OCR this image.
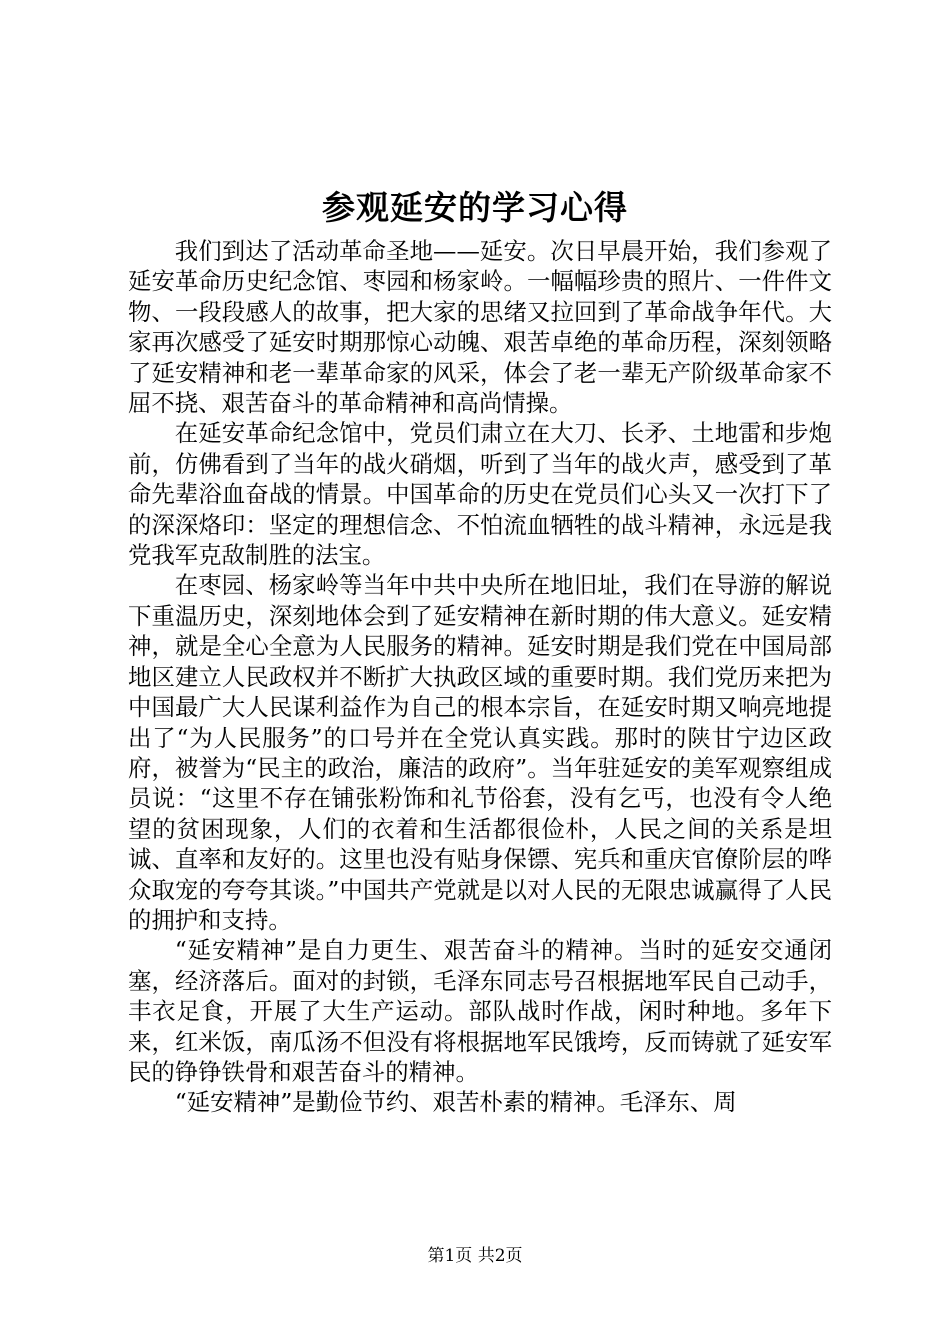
参观延安的学习心得

我们到达了活动革命圣地——延安。次日早晨开始，我们参观了延安革命历史纪念馆、枣园和杨家岭。一幅幅珍贵的照片、一件件文物、一段段感人的故事，把大家的思绪又拉回到了革命战争年代。大家再次感受了延安时期那惊心动魄、艰苦卓绝的革命历程，深刻领略了延安精神和老一辈革命家的风采，体会了老一辈无产阶级革命家不屈不挠、艰苦奋斗的革命精神和高尚情操。

在延安革命纪念馆中，党员们肃立在大刀、长矛、土地雷和步炮前，仿佛看到了当年的战火硝烟，听到了当年的战火声，感受到了革命先辈浴血奋战的情景。中国革命的历史在党员们心头又一次打下了的深深烙印：坚定的理想信念、不怕流血牺牲的战斗精神，永远是我党我军克敌制胜的法宝。

在枣园、杨家岭等当年中共中央所在地旧址，我们在导游的解说下重温历史，深刻地体会到了延安精神在新时期的伟大意义。延安精神，就是全心全意为人民服务的精神。延安时期是我们党在中国局部地区建立人民政权并不断扩大执政区域的重要时期。我们党历来把为中国最广大人民谋利益作为自己的根本宗旨，在延安时期又响亮地提出了“为人民服务”的口号并在全党认真实践。那时的陕甘宁边区政府，被誉为“民主的政治，廉洁的政府”。当年驻延安的美军观察组成员说：“这里不存在铺张粉饰和礼节俗套，没有乞丐，也没有令人绝望的贫困现象，人们的衣着和生活都很俭朴，人民之间的关系是坦诚、直率和友好的。这里也没有贴身保镖、宪兵和重庆官僚阶层的哗众取宠的夸夸其谈。”中国共产党就是以对人民的无限忠诚赢得了人民的拥护和支持。

“延安精神”是自力更生、艰苦奋斗的精神。当时的延安交通闭塞，经济落后。面对的封锁，毛泽东同志号召根据地军民自己动手，丰衣足食，开展了大生产运动。部队战时作战，闲时种地。多年下来，红米饭，南瓜汤不但没有将根据地军民饿垮，反而铸就了延安军民的铮铮铁骨和艰苦奋斗的精神。

“延安精神”是勤俭节约、艰苦朴素的精神。毛泽东、周

第1页 共2页
